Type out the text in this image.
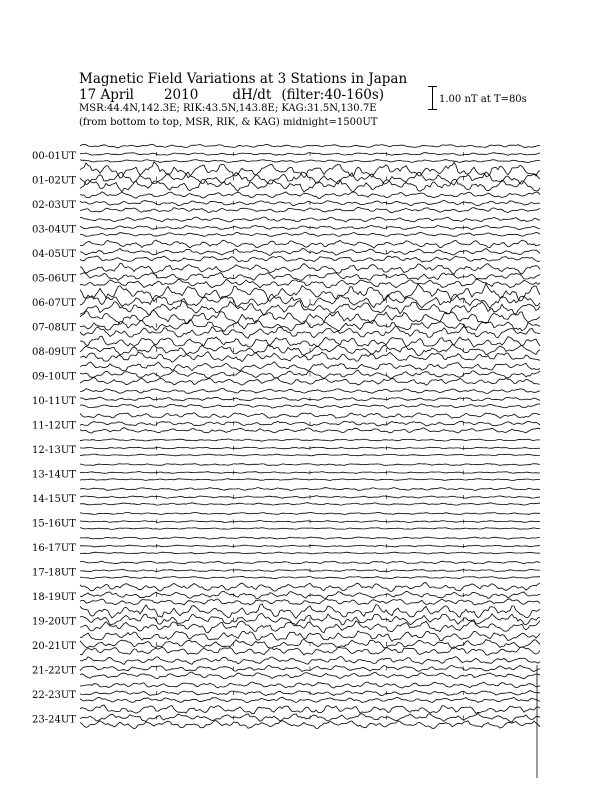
Magnetic Field Variations at 3 Stations in Japan
17 April 2010	dH/dt (filter:40-160s)
MSR:44.4N,142.3E; RIK:43.5N,143.8E; KAG:31.5N,130.7E
(from bottom to top, MSR, RIK, & KAG) midnight=1500UT
1.00 nT at T=80s
00-01UT
01-02UT
02-03UT
03-04UT
04-05UT
05-06UT
06-07UT
07-08UT
08-09UT
09-10UT
10-11UT
11-12UT
12-13UT
13-14UT
14-15UT
15-16UT
16-17UT
17-18UT
18-19UT
19-20UT
20-21UT
21-22UT
22-23UT
23-24UT
